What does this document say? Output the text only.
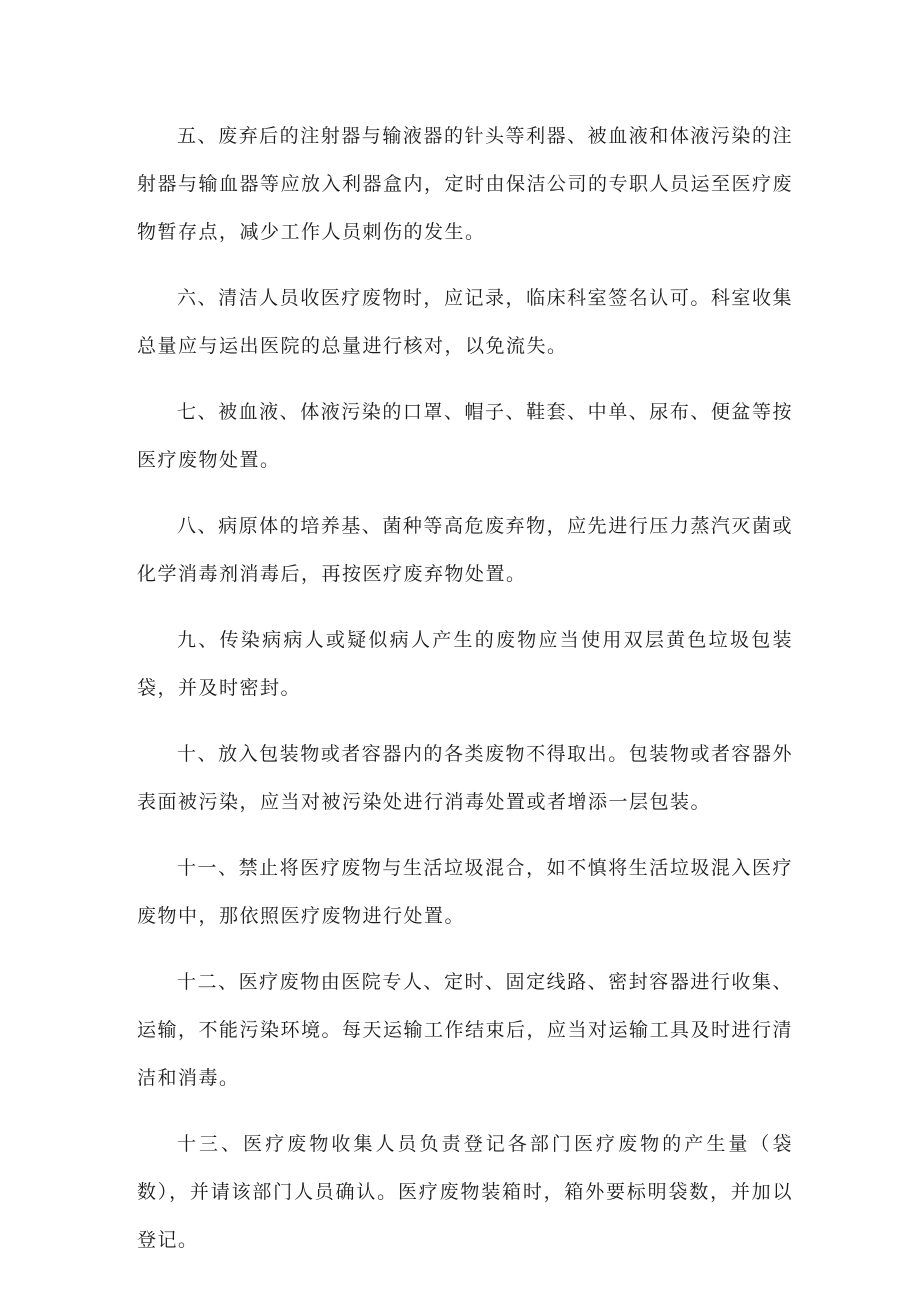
五、废弃后的注射器与输液器的针头等利器、被血液和体液污染的注射器与输血器等应放入利器盒内，定时由保洁公司的专职人员运至医疗废物暂存点，减少工作人员刺伤的发生。

六、清洁人员收医疗废物时，应记录，临床科室签名认可。科室收集总量应与运出医院的总量进行核对，以免流失。

七、被血液、体液污染的口罩、帽子、鞋套、中单、尿布、便盆等按医疗废物处置。

八、病原体的培养基、菌种等高危废弃物，应先进行压力蒸汽灭菌或化学消毒剂消毒后，再按医疗废弃物处置。

九、传染病病人或疑似病人产生的废物应当使用双层黄色垃圾包装袋，并及时密封。

十、放入包装物或者容器内的各类废物不得取出。包装物或者容器外表面被污染，应当对被污染处进行消毒处置或者增添一层包装。

十一、禁止将医疗废物与生活垃圾混合，如不慎将生活垃圾混入医疗废物中，那依照医疗废物进行处置。

十二、医疗废物由医院专人、定时、固定线路、密封容器进行收集、运输，不能污染环境。每天运输工作结束后，应当对运输工具及时进行清洁和消毒。

十三、医疗废物收集人员负责登记各部门医疗废物的产生量（袋数），并请该部门人员确认。医疗废物装箱时，箱外要标明袋数，并加以登记。
